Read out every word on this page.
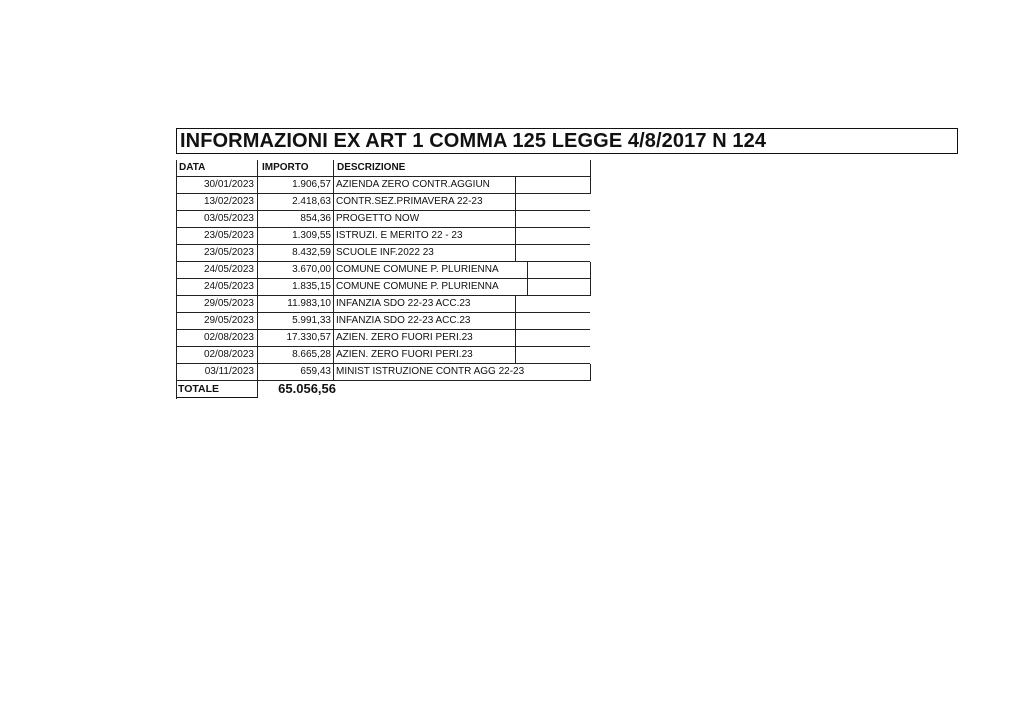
INFORMAZIONI EX ART 1 COMMA 125 LEGGE 4/8/2017 N 124
DATA	IMPORTO	DESCRIZIONE
30/01/2023	1.906,57 AZIENDA ZERO CONTR.AGGIUN
13/02/2023	2.418,63 CONTR.SEZ.PRIMAVERA 22-23
03/05/2023	854,36 PROGETTO NOW
23/05/2023	1.309,55 ISTRUZI. E MERITO 22 - 23
23/05/2023	8.432,59 SCUOLE INF.2022 23
24/05/2023	3.670,00 COMUNE COMUNE P. PLURIENNA
24/05/2023	1.835,15 COMUNE COMUNE P. PLURIENNA
29/05/2023	11.983,10 INFANZIA SDO 22-23 ACC.23
29/05/2023	5.991,33 INFANZIA SDO 22-23 ACC.23
02/08/2023	17.330,57 AZIEN. ZERO FUORI PERI.23
02/08/2023	8.665,28 AZIEN. ZERO FUORI PERI.23
03/11/2023	659,43 MINIST ISTRUZIONE CONTR AGG 22-23
TOTALE	65.056,56
